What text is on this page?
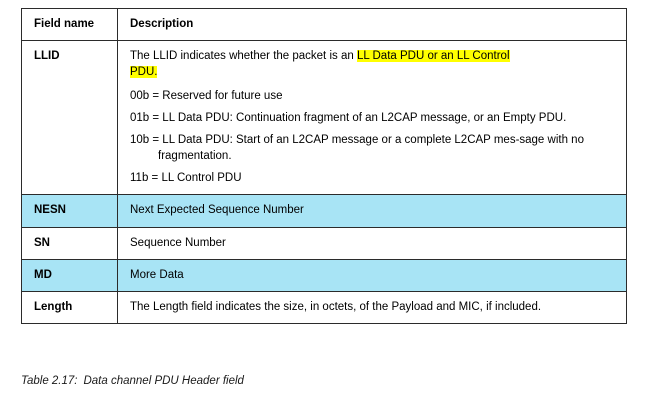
Field name	Description
LLID	The LLID indicates whether the packet is an LL Data PDU or an LL Control
PDU.

00b = Reserved for future use

01b = LL Data PDU: Continuation fragment of an L2CAP message, or an Empty PDU.

10b = LL Data PDU: Start of an L2CAP message or a complete L2CAP mes-sage with no fragmentation.

11b = LL Control PDU

NESN	Next Expected Sequence Number
SN	Sequence Number
MD	More Data
Length	The Length field indicates the size, in octets, of the Payload and MIC, if included.
Table 2.17: Data channel PDU Header field
